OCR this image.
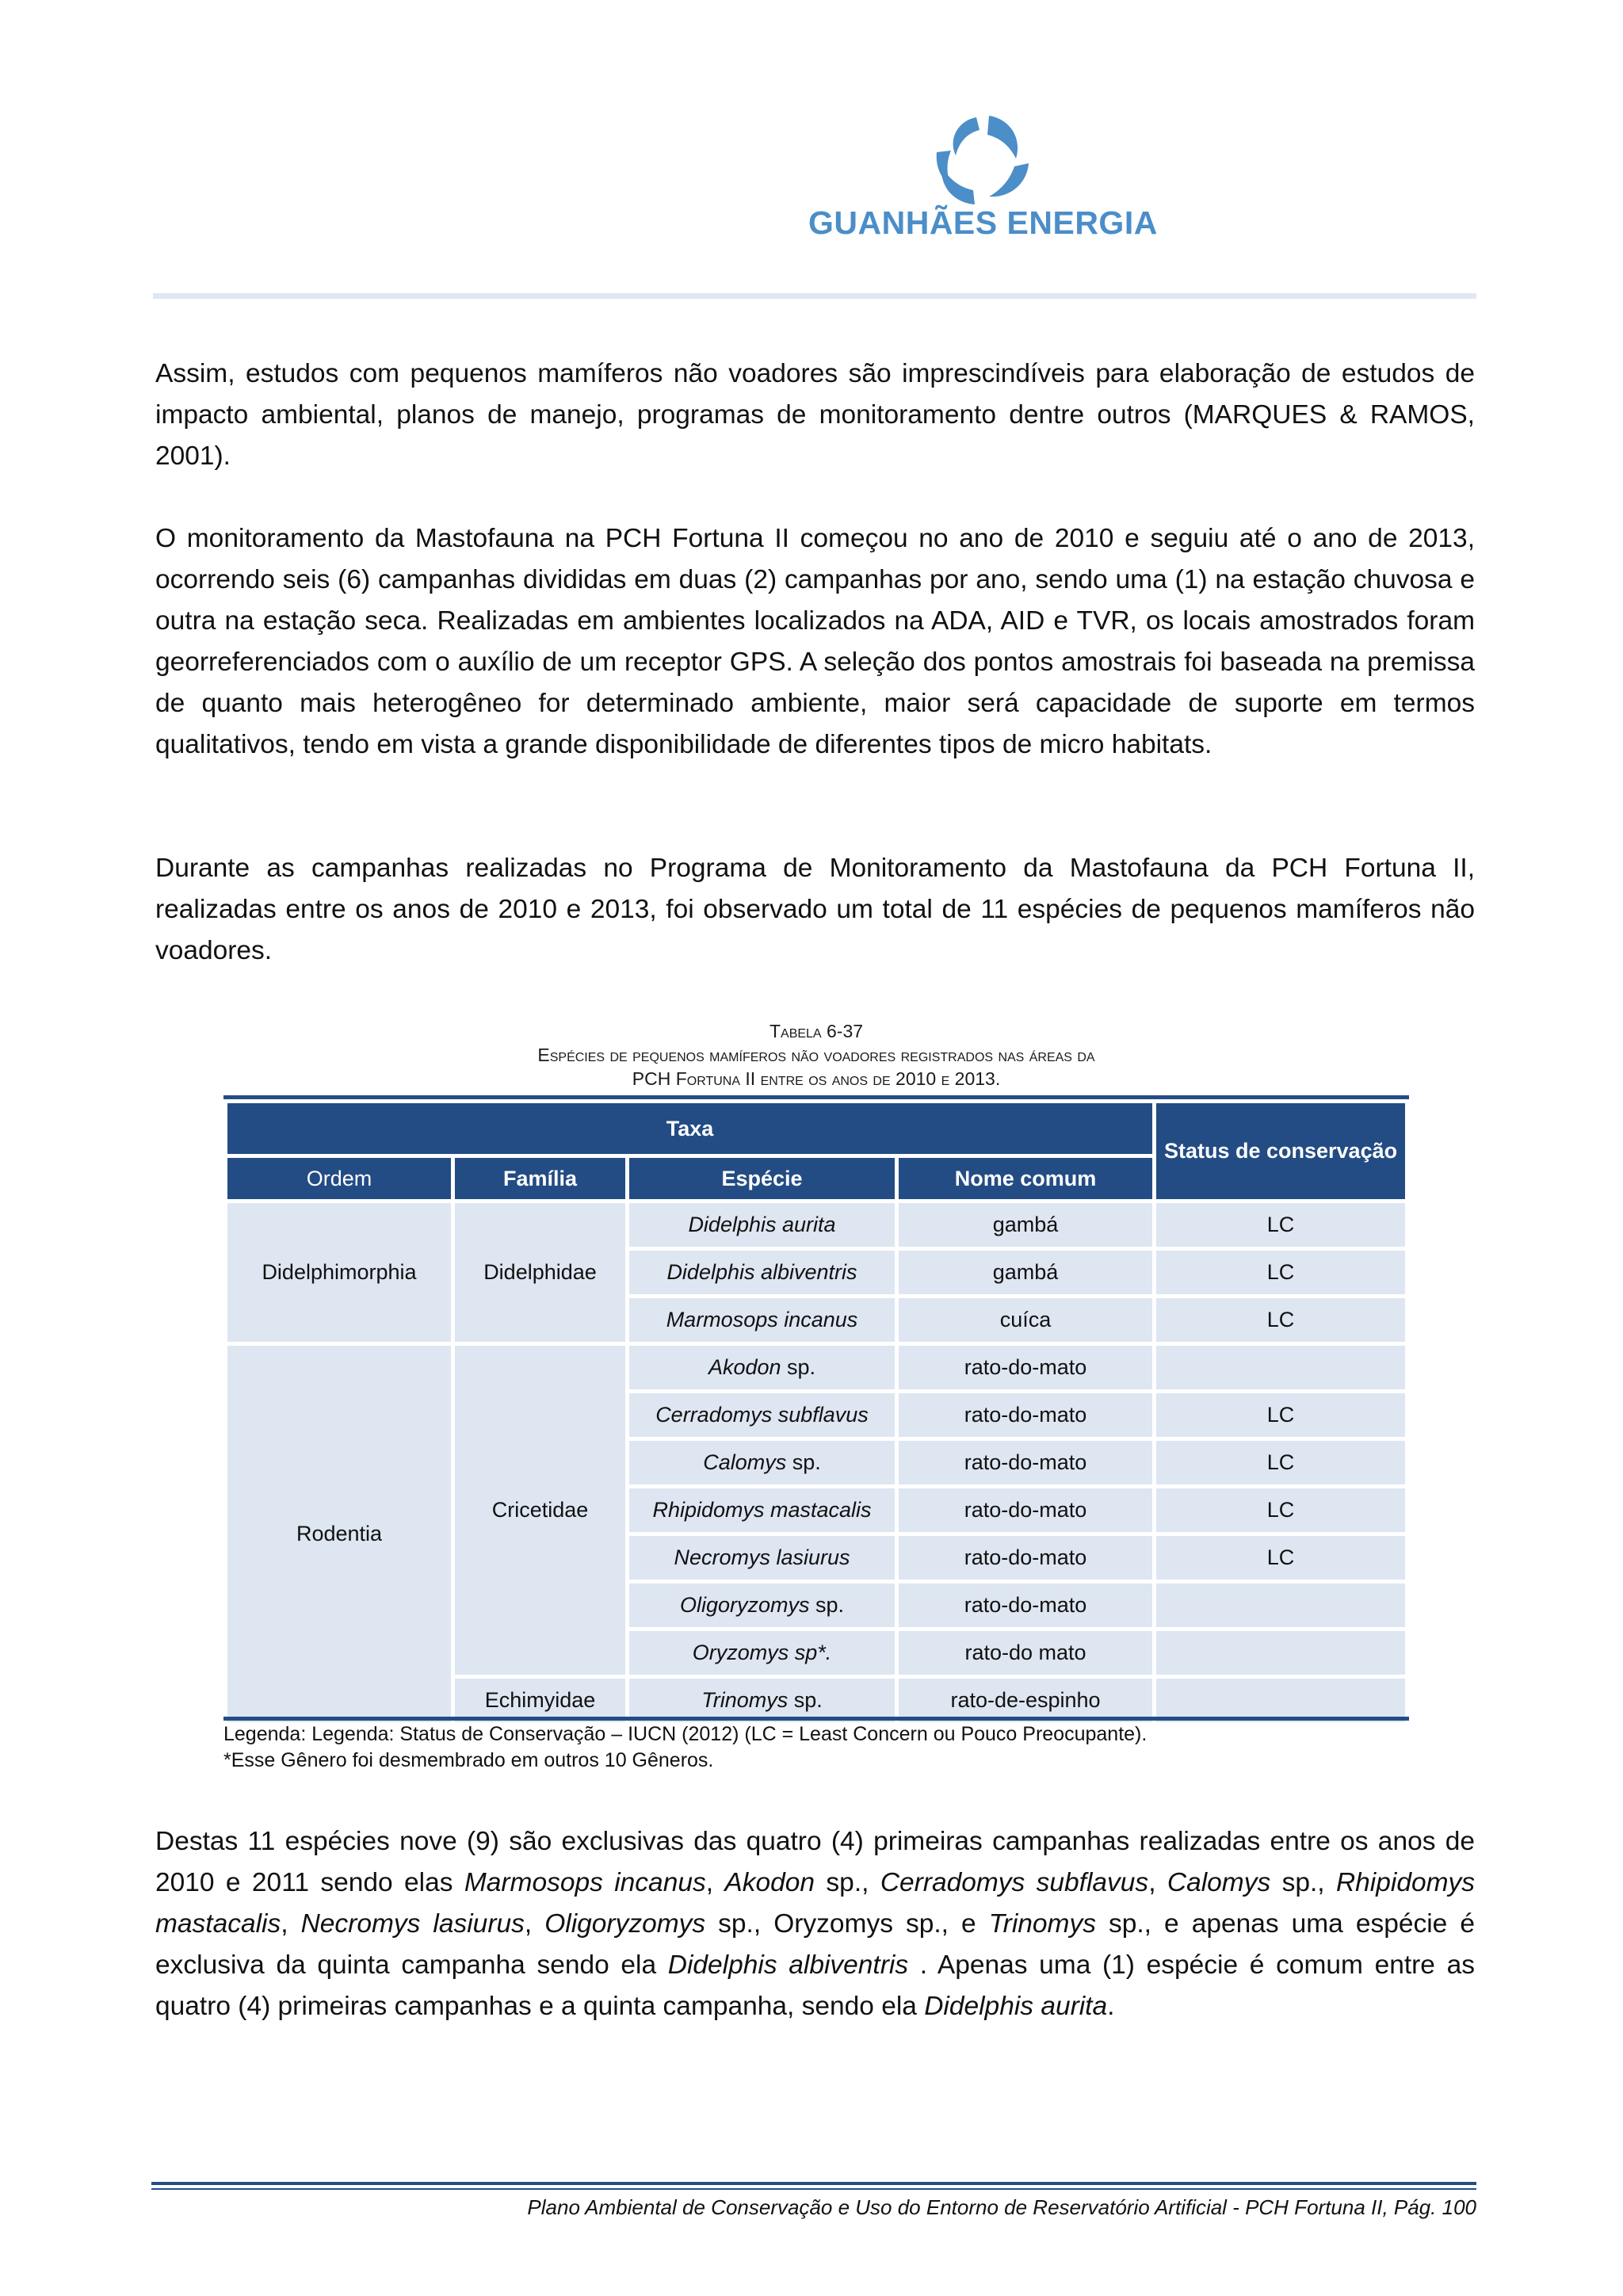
GUANHÃES ENERGIA
Assim, estudos com pequenos mamíferos não voadores são imprescindíveis para elaboração de estudos de impacto ambiental, planos de manejo, programas de monitoramento dentre outros (MARQUES & RAMOS, 2001).
O monitoramento da Mastofauna na PCH Fortuna II começou no ano de 2010 e seguiu até o ano de 2013, ocorrendo seis (6) campanhas divididas em duas (2) campanhas por ano, sendo uma (1) na estação chuvosa e outra na estação seca. Realizadas em ambientes localizados na ADA, AID e TVR, os locais amostrados foram georreferenciados com o auxílio de um receptor GPS. A seleção dos pontos amostrais foi baseada na premissa de quanto mais heterogêneo for determinado ambiente, maior será capacidade de suporte em termos qualitativos, tendo em vista a grande disponibilidade de diferentes tipos de micro habitats.
Durante as campanhas realizadas no Programa de Monitoramento da Mastofauna da PCH Fortuna II, realizadas entre os anos de 2010 e 2013, foi observado um total de 11 espécies de pequenos mamíferos não voadores.
Tabela 6-37
Espécies de pequenos mamíferos não voadores registrados nas áreas da
PCH Fortuna II entre os anos de 2010 e 2013.
Taxa				Status de conservação
Ordem	Família	Espécie	Nome comum	
Didelphimorphia	Didelphidae	Didelphis aurita	gambá	LC
		Didelphis albiventris	gambá	LC
		Marmosops incanus	cuíca	LC
Rodentia	Cricetidae	Akodon sp.	rato-do-mato	
		Cerradomys subflavus	rato-do-mato	LC
		Calomys sp.	rato-do-mato	LC
		Rhipidomys mastacalis	rato-do-mato	LC
		Necromys lasiurus	rato-do-mato	LC
		Oligoryzomys sp.	rato-do-mato	
		Oryzomys sp*.	rato-do mato	
	Echimyidae	Trinomys sp.	rato-de-espinho	
Legenda: Legenda: Status de Conservação – IUCN (2012) (LC = Least Concern ou Pouco Preocupante).
*Esse Gênero foi desmembrado em outros 10 Gêneros.
Destas 11 espécies nove (9) são exclusivas das quatro (4) primeiras campanhas realizadas entre os anos de 2010 e 2011 sendo elas Marmosops incanus, Akodon sp., Cerradomys subflavus, Calomys sp., Rhipidomys mastacalis, Necromys lasiurus, Oligoryzomys sp., Oryzomys sp., e Trinomys sp., e apenas uma espécie é exclusiva da quinta campanha sendo ela Didelphis albiventris . Apenas uma (1) espécie é comum entre as quatro (4) primeiras campanhas e a quinta campanha, sendo ela Didelphis aurita.
Plano Ambiental de Conservação e Uso do Entorno de Reservatório Artificial - PCH Fortuna II, Pág. 100
